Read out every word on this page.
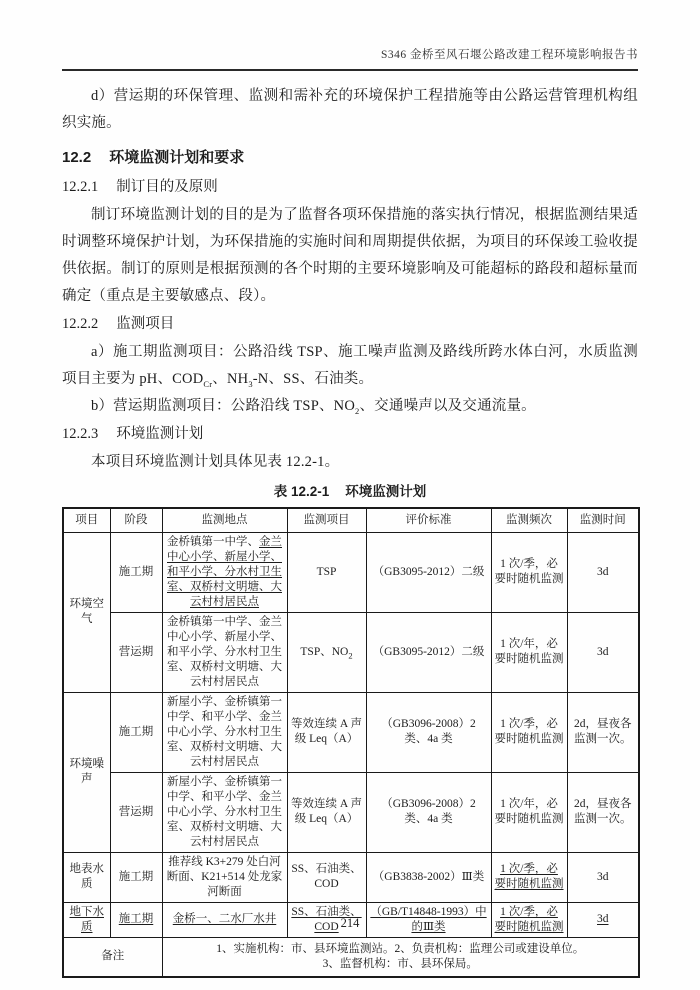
S346 金桥至风石堰公路改建工程环境影响报告书

d）营运期的环保管理、监测和需补充的环境保护工程措施等由公路运营管理机构组织实施。

12.2 环境监测计划和要求

12.2.1 制订目的及原则

制订环境监测计划的目的是为了监督各项环保措施的落实执行情况，根据监测结果适时调整环境保护计划，为环保措施的实施时间和周期提供依据，为项目的环保竣工验收提供依据。制订的原则是根据预测的各个时期的主要环境影响及可能超标的路段和超标量而确定（重点是主要敏感点、段）。

12.2.2 监测项目

a）施工期监测项目：公路沿线 TSP、施工噪声监测及路线所跨水体白河，水质监测项目主要为 pH、$COD_{Cr}$、$NH_3-N$、SS、石油类。

b）营运期监测项目：公路沿线 TSP、$NO_2$、交通噪声以及交通流量。

12.2.3 环境监测计划

本项目环境监测计划具体见表 12.2-1。

表 12.2-1 环境监测计划

项目	阶段	监测地点	监测项目	评价标准	监测频次	监测时间
环境空气	施工期	金桥镇第一中学、金兰中心小学、新屋小学、和平小学、分水村卫生室、双桥村文明塘、大云村村居民点	TSP	（GB3095-2012）二级	1 次/季，必要时随机监测	3d
	营运期	金桥镇第一中学、金兰中心小学、新屋小学、和平小学、分水村卫生室、双桥村文明塘、大云村村居民点	TSP、$NO_2$	（GB3095-2012）二级	1 次/年，必要时随机监测	3d
环境噪声	施工期	新屋小学、金桥镇第一中学、和平小学、金兰中心小学、分水村卫生室、双桥村文明塘、大云村村居民点	等效连续 A 声级 Leq（A）	（GB3096-2008）2 类、4a 类	1 次/季，必要时随机监测	2d，昼夜各监测一次。
	营运期	新屋小学、金桥镇第一中学、和平小学、金兰中心小学、分水村卫生室、双桥村文明塘、大云村村居民点	等效连续 A 声级 Leq（A）	（GB3096-2008）2 类、4a 类	1 次/年，必要时随机监测	2d，昼夜各监测一次。
地表水质	施工期	推荐线 K3+279 处白河断面、K21+514 处龙家河断面	SS、石油类、COD	（GB3838-2002）Ⅲ类	1 次/季，必要时随机监测	3d
地下水质	施工期	金桥一、二水厂水井	SS、石油类、COD	（GB/T14848-1993）中的Ⅲ类	1 次/季，必要时随机监测	3d
备注		1、实施机构：市、县环境监测站。2、负责机构：监理公司或建设单位。
3、监督机构：市、县环保局。				
214
